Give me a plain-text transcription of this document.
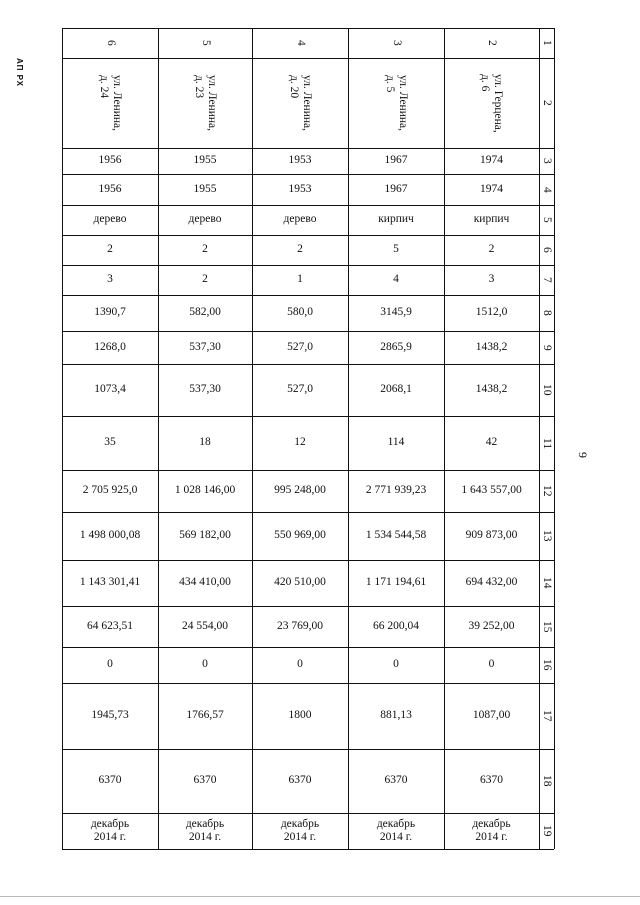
АП РХ
9
6
ул. Ленина,
д. 24
1956
1956
дерево
2
3
1390,7
1268,0
1073,4
35
2 705 925,0
1 498 000,08
1 143 301,41
64 623,51
0
1945,73
6370
декабрь
2014 г.
5
ул. Ленина,
д. 23
1955
1955
дерево
2
2
582,00
537,30
537,30
18
1 028 146,00
569 182,00
434 410,00
24 554,00
0
1766,57
6370
декабрь
2014 г.
4
ул. Ленина,
д. 20
1953
1953
дерево
2
1
580,0
527,0
527,0
12
995 248,00
550 969,00
420 510,00
23 769,00
0
1800
6370
декабрь
2014 г.
3
ул. Ленина,
д. 5
1967
1967
кирпич
5
4
3145,9
2865,9
2068,1
114
2 771 939,23
1 534 544,58
1 171 194,61
66 200,04
0
881,13
6370
декабрь
2014 г.
2
ул. Герцена,
д. 6
1974
1974
кирпич
2
3
1512,0
1438,2
1438,2
42
1 643 557,00
909 873,00
694 432,00
39 252,00
0
1087,00
6370
декабрь
2014 г.
1
2
3
4
5
6
7
8
9
10
11
12
13
14
15
16
17
18
19
